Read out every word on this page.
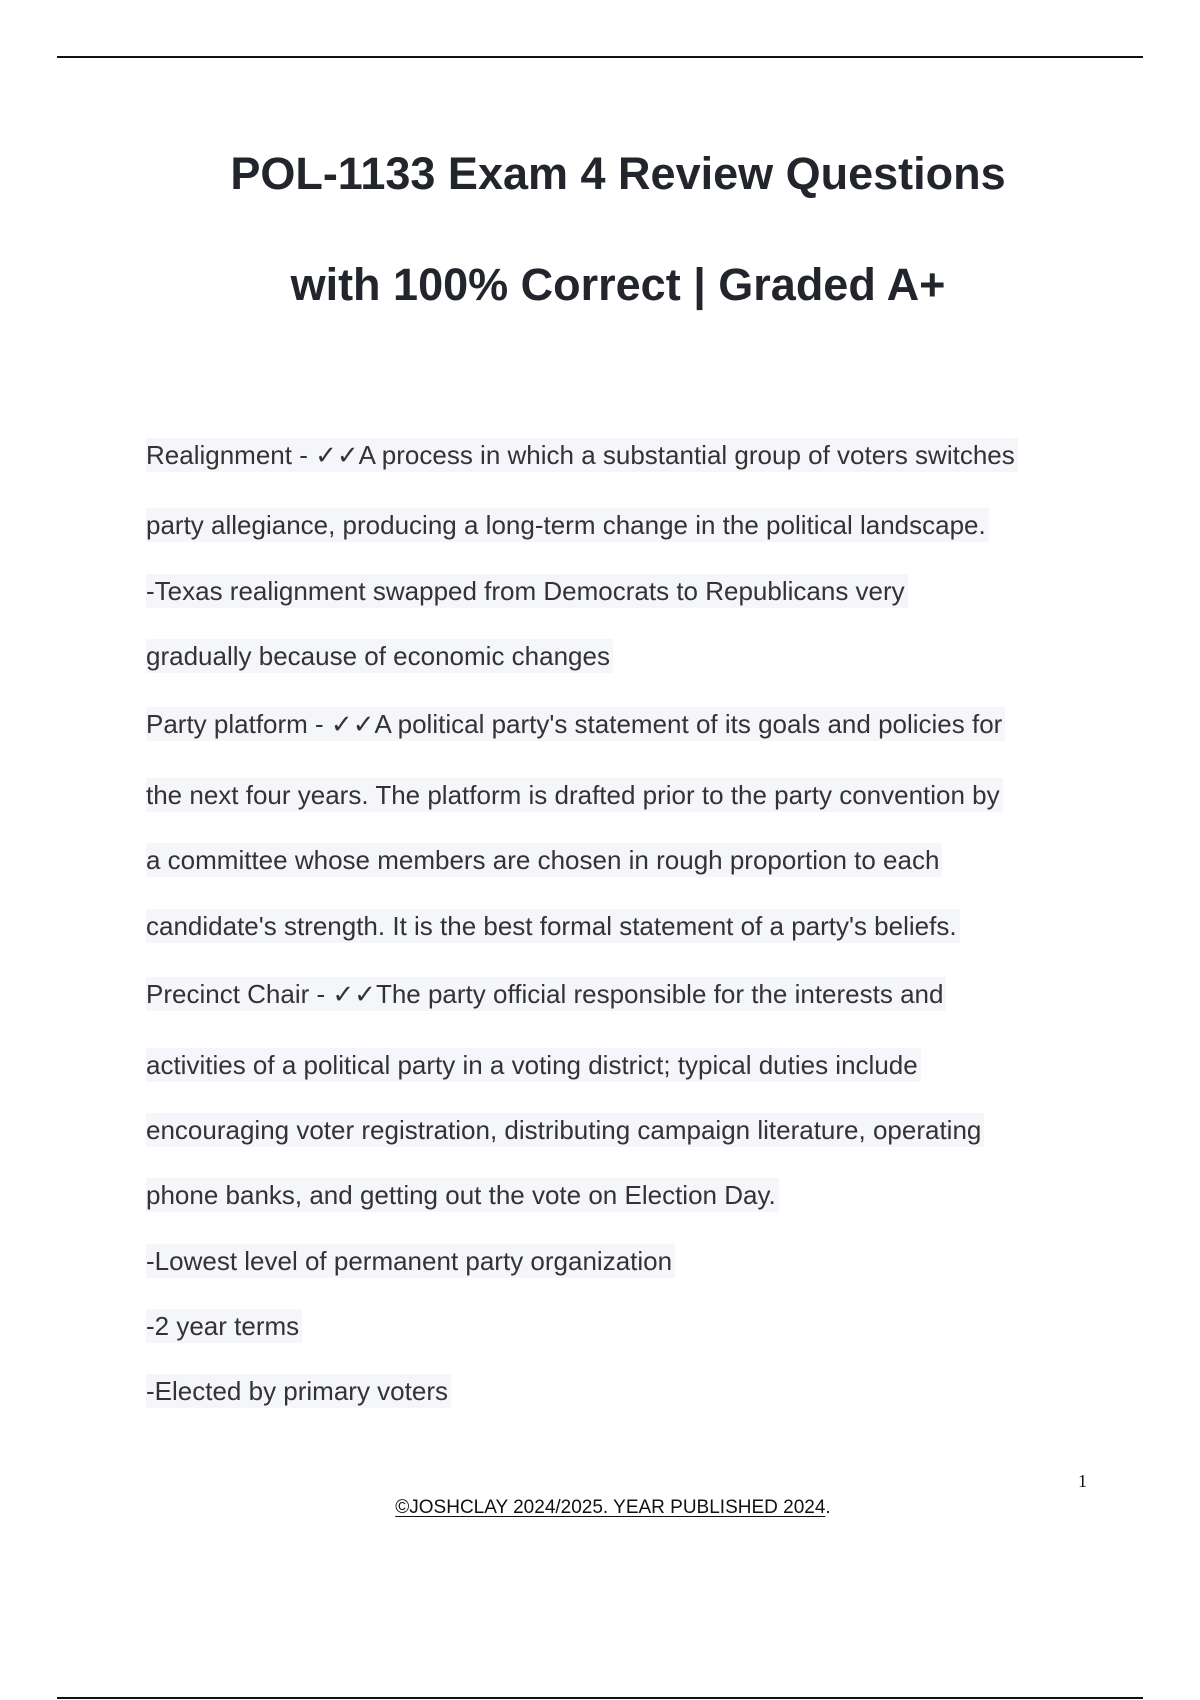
POL-1133 Exam 4 Review Questions
with 100% Correct | Graded A+
Realignment - ✓✓A process in which a substantial group of voters switches
party allegiance, producing a long-term change in the political landscape.
-Texas realignment swapped from Democrats to Republicans very
gradually because of economic changes
Party platform - ✓✓A political party's statement of its goals and policies for
the next four years. The platform is drafted prior to the party convention by
a committee whose members are chosen in rough proportion to each
candidate's strength. It is the best formal statement of a party's beliefs.
Precinct Chair - ✓✓The party official responsible for the interests and
activities of a political party in a voting district; typical duties include
encouraging voter registration, distributing campaign literature, operating
phone banks, and getting out the vote on Election Day.
-Lowest level of permanent party organization
-2 year terms
-Elected by primary voters
1
©JOSHCLAY 2024/2025. YEAR PUBLISHED 2024.
